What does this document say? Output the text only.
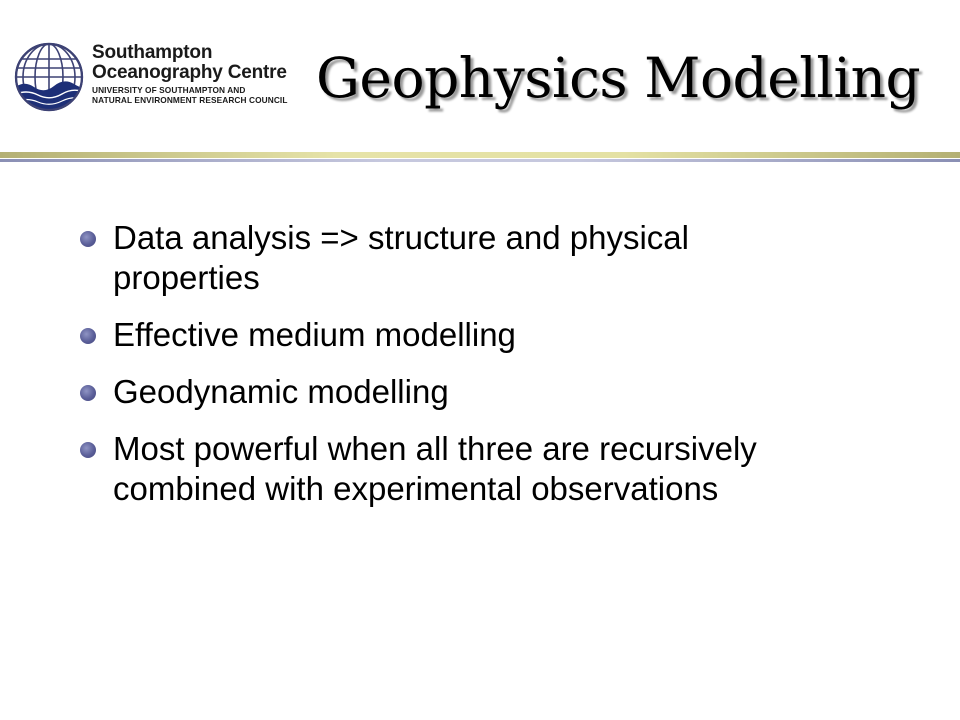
Southampton
Oceanography Centre
UNIVERSITY OF SOUTHAMPTON AND
NATURAL ENVIRONMENT RESEARCH COUNCIL Geophysics Modelling
Data analysis => structure and physical properties
Effective medium modelling
Geodynamic modelling
Most powerful when all three are recursively combined with experimental observations
